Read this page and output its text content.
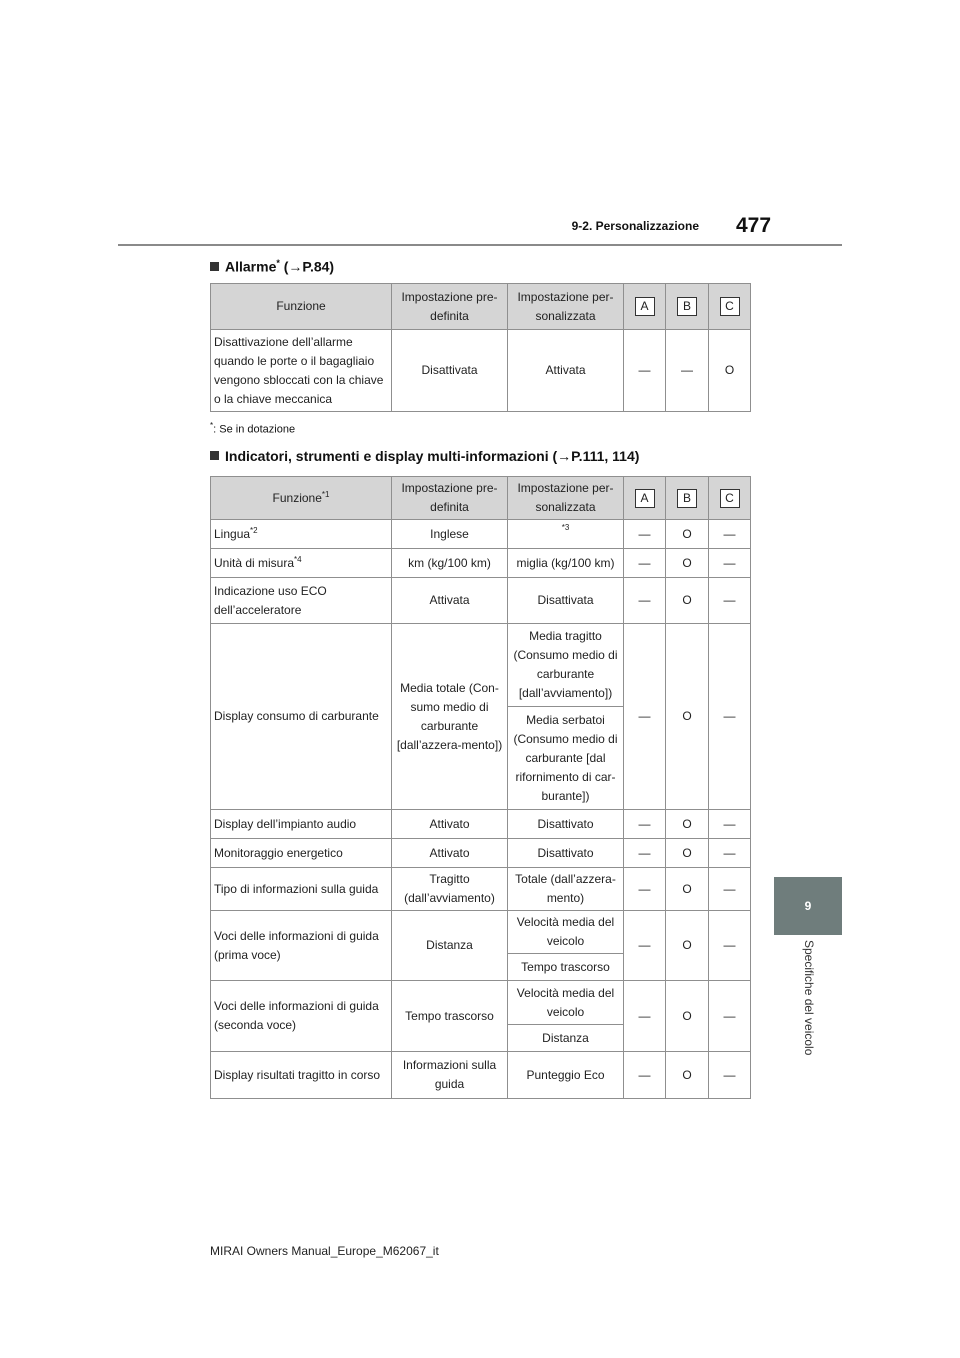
9-2. Personalizzazione 477
9
Specifiche del veicolo
Allarme* (→P.84)
Funzione	Impostazione pre-definita	Impostazione per-sonalizzata	A	B	C
Disattivazione dell’allarme quando le porte o il bagagliaio vengono sbloccati con la chiave o la chiave meccanica	Disattivata	Attivata	—	—	O
*: Se in dotazione
Indicatori, strumenti e display multi-informazioni (→P.111, 114)
Funzione$^{*1}$	Impostazione pre-definita	Impostazione per-sonalizzata	A	B	C
Lingua$^{*2}$	Inglese	$^{*3}$	—	O	—
Unità di misura$^{*4}$	km (kg/100 km)	miglia (kg/100 km)	—	O	—
Indicazione uso ECO dell’acceleratore	Attivata	Disattivata	—	O	—
Display consumo di carburante	Media totale (Con-sumo medio di carburante [dall’azzera-mento])	Media tragitto (Consumo medio di carburante [dall’avviamento])	—	O	—
		Media serbatoi (Consumo medio di carburante [dal rifornimento di car-burante])			
Display dell’impianto audio	Attivato	Disattivato	—	O	—
Monitoraggio energetico	Attivato	Disattivato	—	O	—
Tipo di informazioni sulla guida	Tragitto (dall’avviamento)	Totale (dall’azzera-mento)	—	O	—
Voci delle informazioni di guida (prima voce)	Distanza	Velocità media del veicolo	—	O	—
		Tempo trascorso			
Voci delle informazioni di guida (seconda voce)	Tempo trascorso	Velocità media del veicolo	—	O	—
		Distanza			
Display risultati tragitto in corso	Informazioni sulla guida	Punteggio Eco	—	O	—
MIRAI Owners Manual_Europe_M62067_it
